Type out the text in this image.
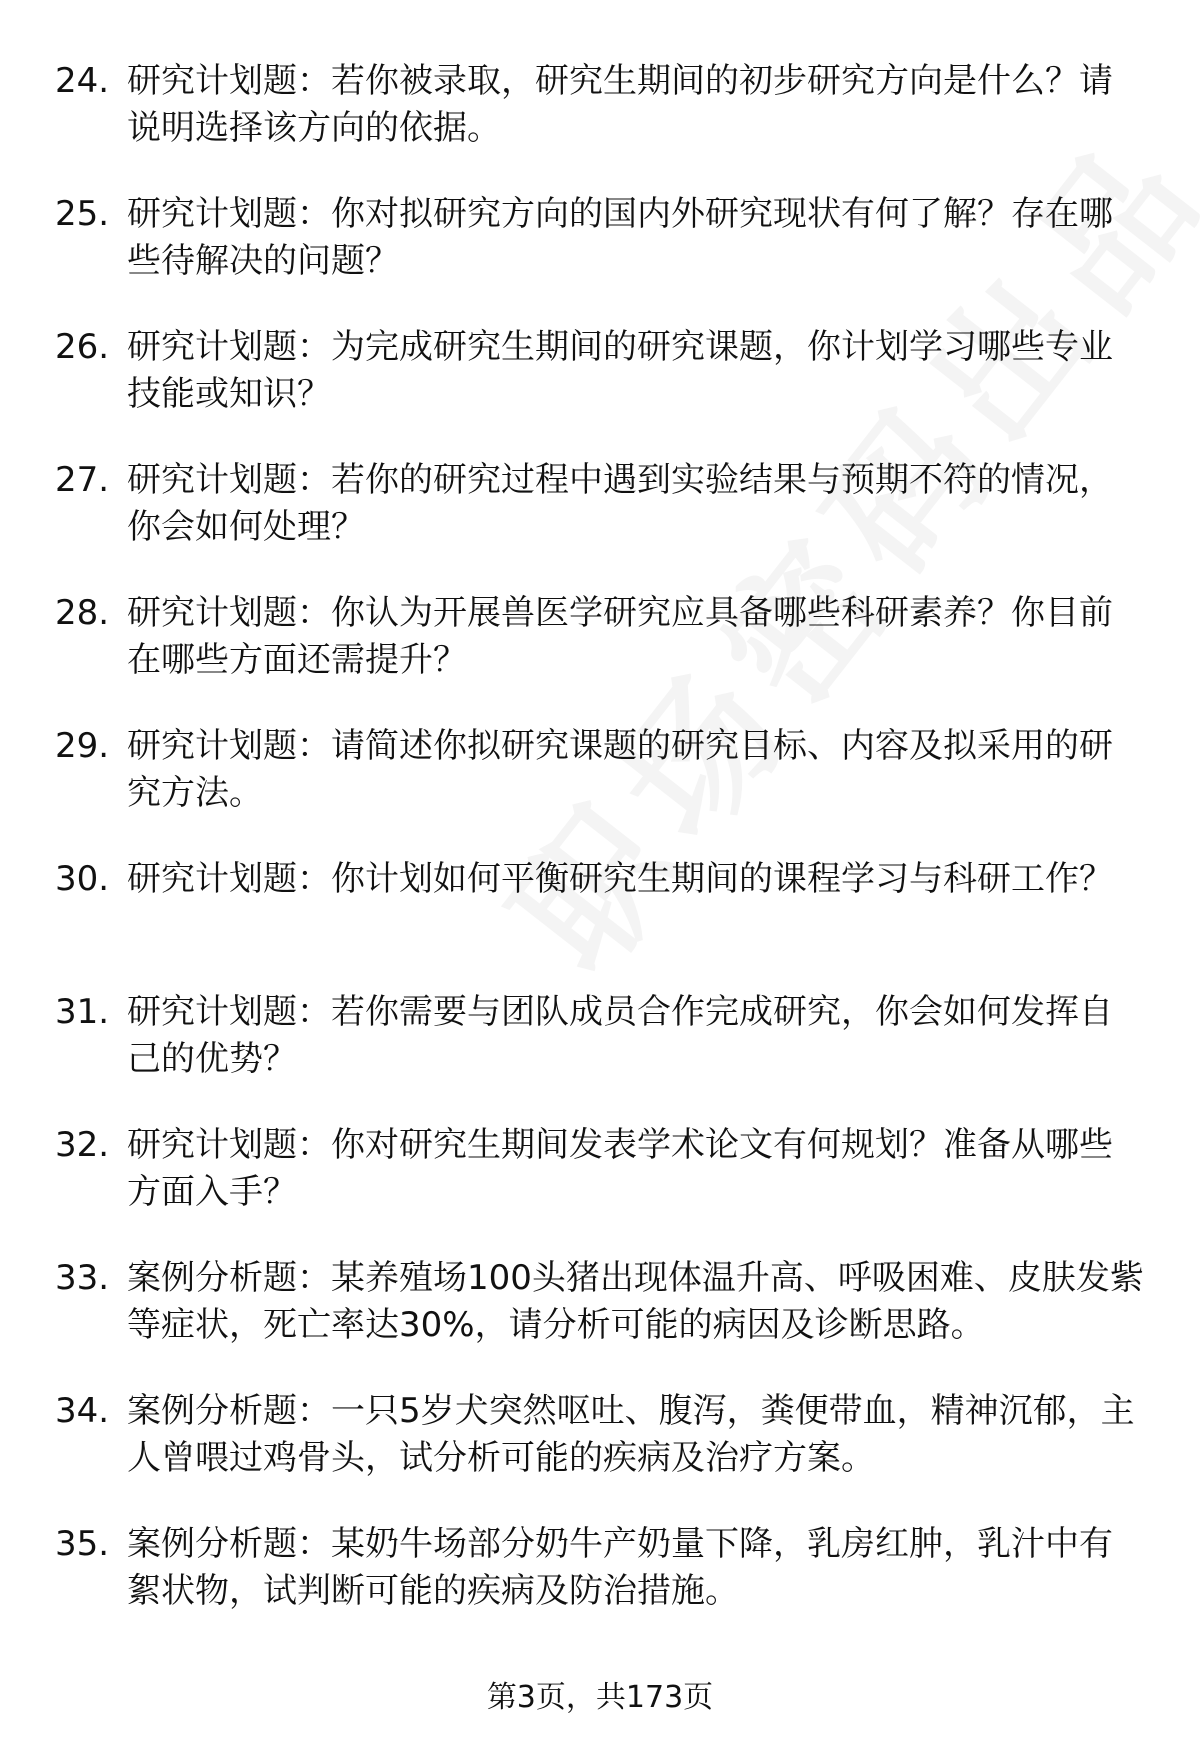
24. 研究计划题：若你被录取，研究生期间的初步研究方向是什么？请说明选择该方向的依据。
25. 研究计划题：你对拟研究方向的国内外研究现状有何了解？存在哪些待解决的问题？
26. 研究计划题：为完成研究生期间的研究课题，你计划学习哪些专业技能或知识？
27. 研究计划题：若你的研究过程中遇到实验结果与预期不符的情况，你会如何处理？
28. 研究计划题：你认为开展兽医学研究应具备哪些科研素养？你目前在哪些方面还需提升？
29. 研究计划题：请简述你拟研究课题的研究目标、内容及拟采用的研究方法。
30. 研究计划题：你计划如何平衡研究生期间的课程学习与科研工作？
31. 研究计划题：若你需要与团队成员合作完成研究，你会如何发挥自己的优势？
32. 研究计划题：你对研究生期间发表学术论文有何规划？准备从哪些方面入手？
33. 案例分析题：某养殖场100头猪出现体温升高、呼吸困难、皮肤发紫等症状，死亡率达30%，请分析可能的病因及诊断思路。
34. 案例分析题：一只5岁犬突然呕吐、腹泻，粪便带血，精神沉郁，主人曾喂过鸡骨头，试分析可能的疾病及治疗方案。
35. 案例分析题：某奶牛场部分奶牛产奶量下降，乳房红肿，乳汁中有絮状物，试判断可能的疾病及防治措施。
第3页，共173页
